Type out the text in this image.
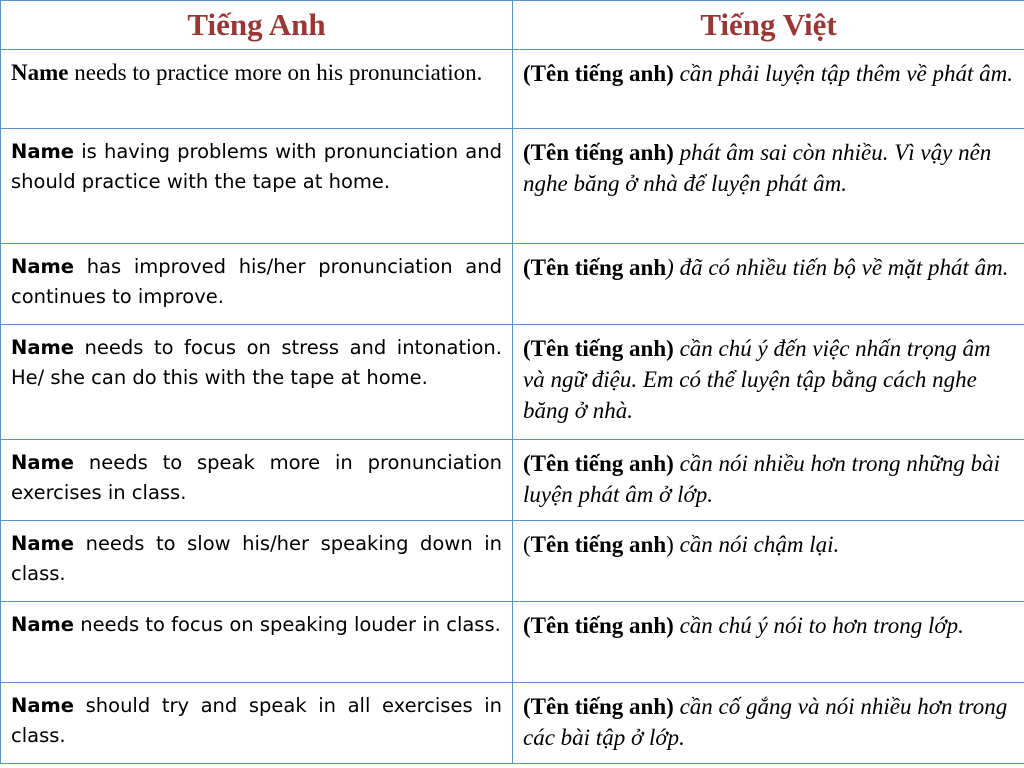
Tiếng Anh	Tiếng Việt
Name needs to practice more on his pronunciation.	(Tên tiếng anh) cần phải luyện tập thêm về phát âm.
Name is having problems with pronunciation and should practice with the tape at home.	(Tên tiếng anh) phát âm sai còn nhiều. Vì vậy nên nghe băng ở nhà để luyện phát âm.
Name has improved his/her pronunciation and continues to improve.	(Tên tiếng anh) đã có nhiều tiến bộ về mặt phát âm.
Name needs to focus on stress and intonation. He/ she can do this with the tape at home.	(Tên tiếng anh) cần chú ý đến việc nhấn trọng âm và ngữ điệu. Em có thể luyện tập bằng cách nghe băng ở nhà.
Name needs to speak more in pronunciation exercises in class.	(Tên tiếng anh) cần nói nhiều hơn trong những bài luyện phát âm ở lớp.
Name needs to slow his/her speaking down in class.	(Tên tiếng anh) cần nói chậm lại.
Name needs to focus on speaking louder in class.	(Tên tiếng anh) cần chú ý nói to hơn trong lớp.
Name should try and speak in all exercises in class.	(Tên tiếng anh) cần cố gắng và nói nhiều hơn trong các bài tập ở lớp.
